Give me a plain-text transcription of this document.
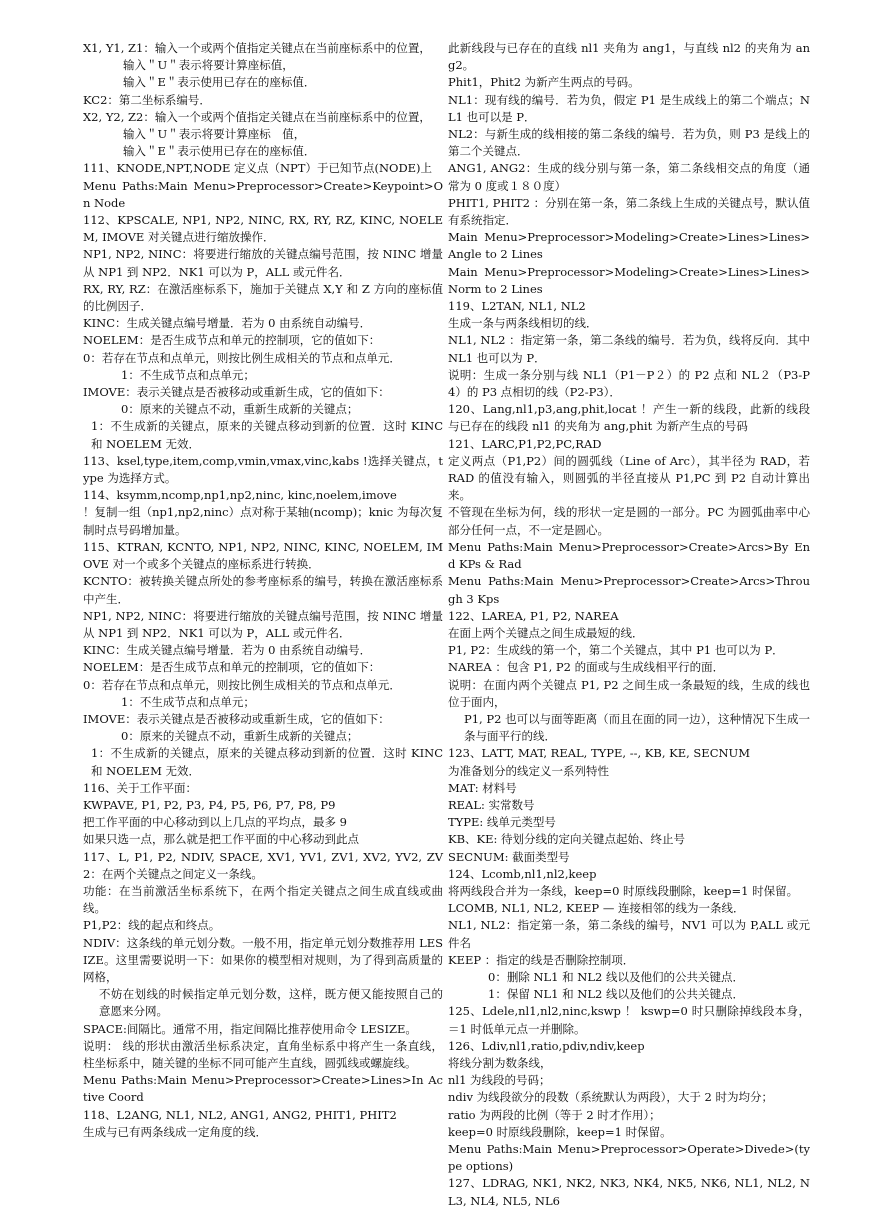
X1, Y1, Z1：输入一个或两个值指定关键点在当前座标系中的位置，
输入＂U＂表示将要计算座标值，
输入＂E＂表示使用已存在的座标值．
KC2：第二坐标系编号．
X2, Y2, Z2：输入一个或两个值指定关键点在当前座标系中的位置，
输入＂U＂表示将要计算座标　值，
输入＂E＂表示使用已存在的座标值．
111、KNODE,NPT,NODE 定义点（NPT）于已知节点(NODE)上
Menu Paths:Main Menu>Preprocessor>Create>Keypoint>On Node
112、KPSCALE, NP1, NP2, NINC, RX, RY, RZ, KINC, NOELEM, IMOVE 对关键点进行缩放操作．
NP1, NP2, NINC：将要进行缩放的关键点编号范围，按 NINC 增量从 NP1 到 NP2．NK1 可以为 P，ALL 或元件名．
RX, RY, RZ：在激活座标系下，施加于关键点 X,Y 和 Z 方向的座标值的比例因子．
KINC：生成关键点编号增量．若为 0 由系统自动编号．
NOELEM：是否生成节点和单元的控制项，它的值如下：
0：若存在节点和点单元，则按比例生成相关的节点和点单元．
1：不生成节点和点单元；
IMOVE：表示关键点是否被移动或重新生成，它的值如下：
0：原来的关键点不动，重新生成新的关键点；
1：不生成新的关键点，原来的关键点移动到新的位置．这时 KINC 和 NOELEM 无效．
113、ksel,type,item,comp,vmin,vmax,vinc,kabs !选择关键点，type 为选择方式。
114、ksymm,ncomp,np1,np2,ninc, kinc,noelem,imove
！复制一组（np1,np2,ninc）点对称于某轴(ncomp)；knic 为每次复制时点号码增加量。
115、KTRAN, KCNTO, NP1, NP2, NINC, KINC, NOELEM, IMOVE 对一个或多个关键点的座标系进行转换．
KCNTO：被转换关键点所处的参考座标系的编号，转换在激活座标系中产生．
NP1, NP2, NINC：将要进行缩放的关键点编号范围，按 NINC 增量从 NP1 到 NP2．NK1 可以为 P，ALL 或元件名．
KINC：生成关键点编号增量．若为 0 由系统自动编号．
NOELEM：是否生成节点和单元的控制项，它的值如下：
0：若存在节点和点单元，则按比例生成相关的节点和点单元．
1：不生成节点和点单元；
IMOVE：表示关键点是否被移动或重新生成，它的值如下：
0：原来的关键点不动，重新生成新的关键点；
1：不生成新的关键点，原来的关键点移动到新的位置．这时 KINC 和 NOELEM 无效．
116、关于工作平面：
KWPAVE, P1, P2, P3, P4, P5, P6, P7, P8, P9
把工作平面的中心移动到以上几点的平均点，最多 9
如果只选一点，那么就是把工作平面的中心移动到此点
117、L, P1, P2, NDIV, SPACE, XV1, YV1, ZV1, XV2, YV2, ZV2：在两个关键点之间定义一条线。
功能：在当前激活坐标系统下，在两个指定关键点之间生成直线或曲线。
P1,P2：线的起点和终点。
NDIV：这条线的单元划分数。一般不用，指定单元划分数推荐用 LESIZE。这里需要说明一下：如果你的模型相对规则，为了得到高质量的网格，
不妨在划线的时候指定单元划分数，这样，既方便又能按照自己的意愿来分网。
SPACE:间隔比。通常不用，指定间隔比推荐使用命令 LESIZE。
说明： 线的形状由激活坐标系决定，直角坐标系中将产生一条直线，柱坐标系中，随关键的坐标不同可能产生直线，圆弧线或螺旋线。
Menu Paths:Main Menu>Preprocessor>Create>Lines>In Active Coord
118、L2ANG, NL1, NL2, ANG1, ANG2, PHIT1, PHIT2
生成与已有两条线成一定角度的线．
此新线段与已存在的直线 nl1 夹角为 ang1，与直线 nl2 的夹角为 ang2。
Phit1，Phit2 为新产生两点的号码。
NL1：现有线的编号．若为负，假定 P1 是生成线上的第二个端点；NL1 也可以是 P．
NL2：与新生成的线相接的第二条线的编号．若为负，则 P3 是线上的第二个关键点．
ANG1, ANG2：生成的线分别与第一条，第二条线相交点的角度（通常为 0 度或１８０度）
PHIT1, PHIT2 ：分别在第一条，第二条线上生成的关键点号，默认值有系统指定．
Main Menu>Preprocessor>Modeling>Create>Lines>Lines>Angle to 2 Lines
Main Menu>Preprocessor>Modeling>Create>Lines>Lines>Norm to 2 Lines
119、L2TAN, NL1, NL2
生成一条与两条线相切的线．
NL1, NL2 ：指定第一条，第二条线的编号．若为负，线将反向．其中 NL1 也可以为 P．
说明：生成一条分别与线 NL1（P1－P２）的 P2 点和 NL２（P3-P4）的 P3 点相切的线（P2-P3）．
120、Lang,nl1,p3,ang,phit,locat ！产生一新的线段，此新的线段与已存在的线段 nl1 的夹角为 ang,phit 为新产生点的号码
121、LARC,P1,P2,PC,RAD
定义两点（P1,P2）间的圆弧线（Line of Arc），其半径为 RAD，若 RAD 的值没有输入，则圆弧的半径直接从 P1,PC 到 P2 自动计算出来。
不管现在坐标为何，线的形状一定是圆的一部分。PC 为圆弧曲率中心部分任何一点，不一定是圆心。
Menu Paths:Main Menu>Preprocessor>Create>Arcs>By End KPs & Rad
Menu Paths:Main Menu>Preprocessor>Create>Arcs>Through 3 Kps
122、LAREA, P1, P2, NAREA
在面上两个关键点之间生成最短的线．
P1, P2：生成线的第一个，第二个关键点，其中 P1 也可以为 P．
NAREA ：包含 P1, P2 的面或与生成线相平行的面．
说明：在面内两个关键点 P1, P2 之间生成一条最短的线，生成的线也位于面内，
P1, P2 也可以与面等距离（而且在面的同一边），这种情况下生成一条与面平行的线．
123、LATT, MAT, REAL, TYPE, --, KB, KE, SECNUM
为准备划分的线定义一系列特性
MAT: 材料号
REAL: 实常数号
TYPE: 线单元类型号
KB、KE: 待划分线的定向关键点起始、终止号
SECNUM: 截面类型号
124、Lcomb,nl1,nl2,keep
将两线段合并为一条线，keep=0 时原线段删除，keep=1 时保留。
LCOMB, NL1, NL2, KEEP — 连接相邻的线为一条线．
NL1, NL2：指定第一条，第二条线的编号，NV1 可以为 P,ALL 或元件名
KEEP ：指定的线是否删除控制项．
0：删除 NL1 和 NL2 线以及他们的公共关键点．
1：保留 NL1 和 NL2 线以及他们的公共关键点．
125、Ldele,nl1,nl2,ninc,kswp ！ kswp=0 时只删除掉线段本身，＝1 时低单元点一并删除。
126、Ldiv,nl1,ratio,pdiv,ndiv,keep
将线分割为数条线，
nl1 为线段的号码；
ndiv 为线段欲分的段数（系统默认为两段），大于 2 时为均分；
ratio 为两段的比例（等于 2 时才作用）；
keep=0 时原线段删除，keep=1 时保留。
Menu Paths:Main Menu>Preprocessor>Operate>Divede>(type options)
127、LDRAG, NK1, NK2, NK3, NK4, NK5, NK6, NL1, NL2, NL3, NL4, NL5, NL6
